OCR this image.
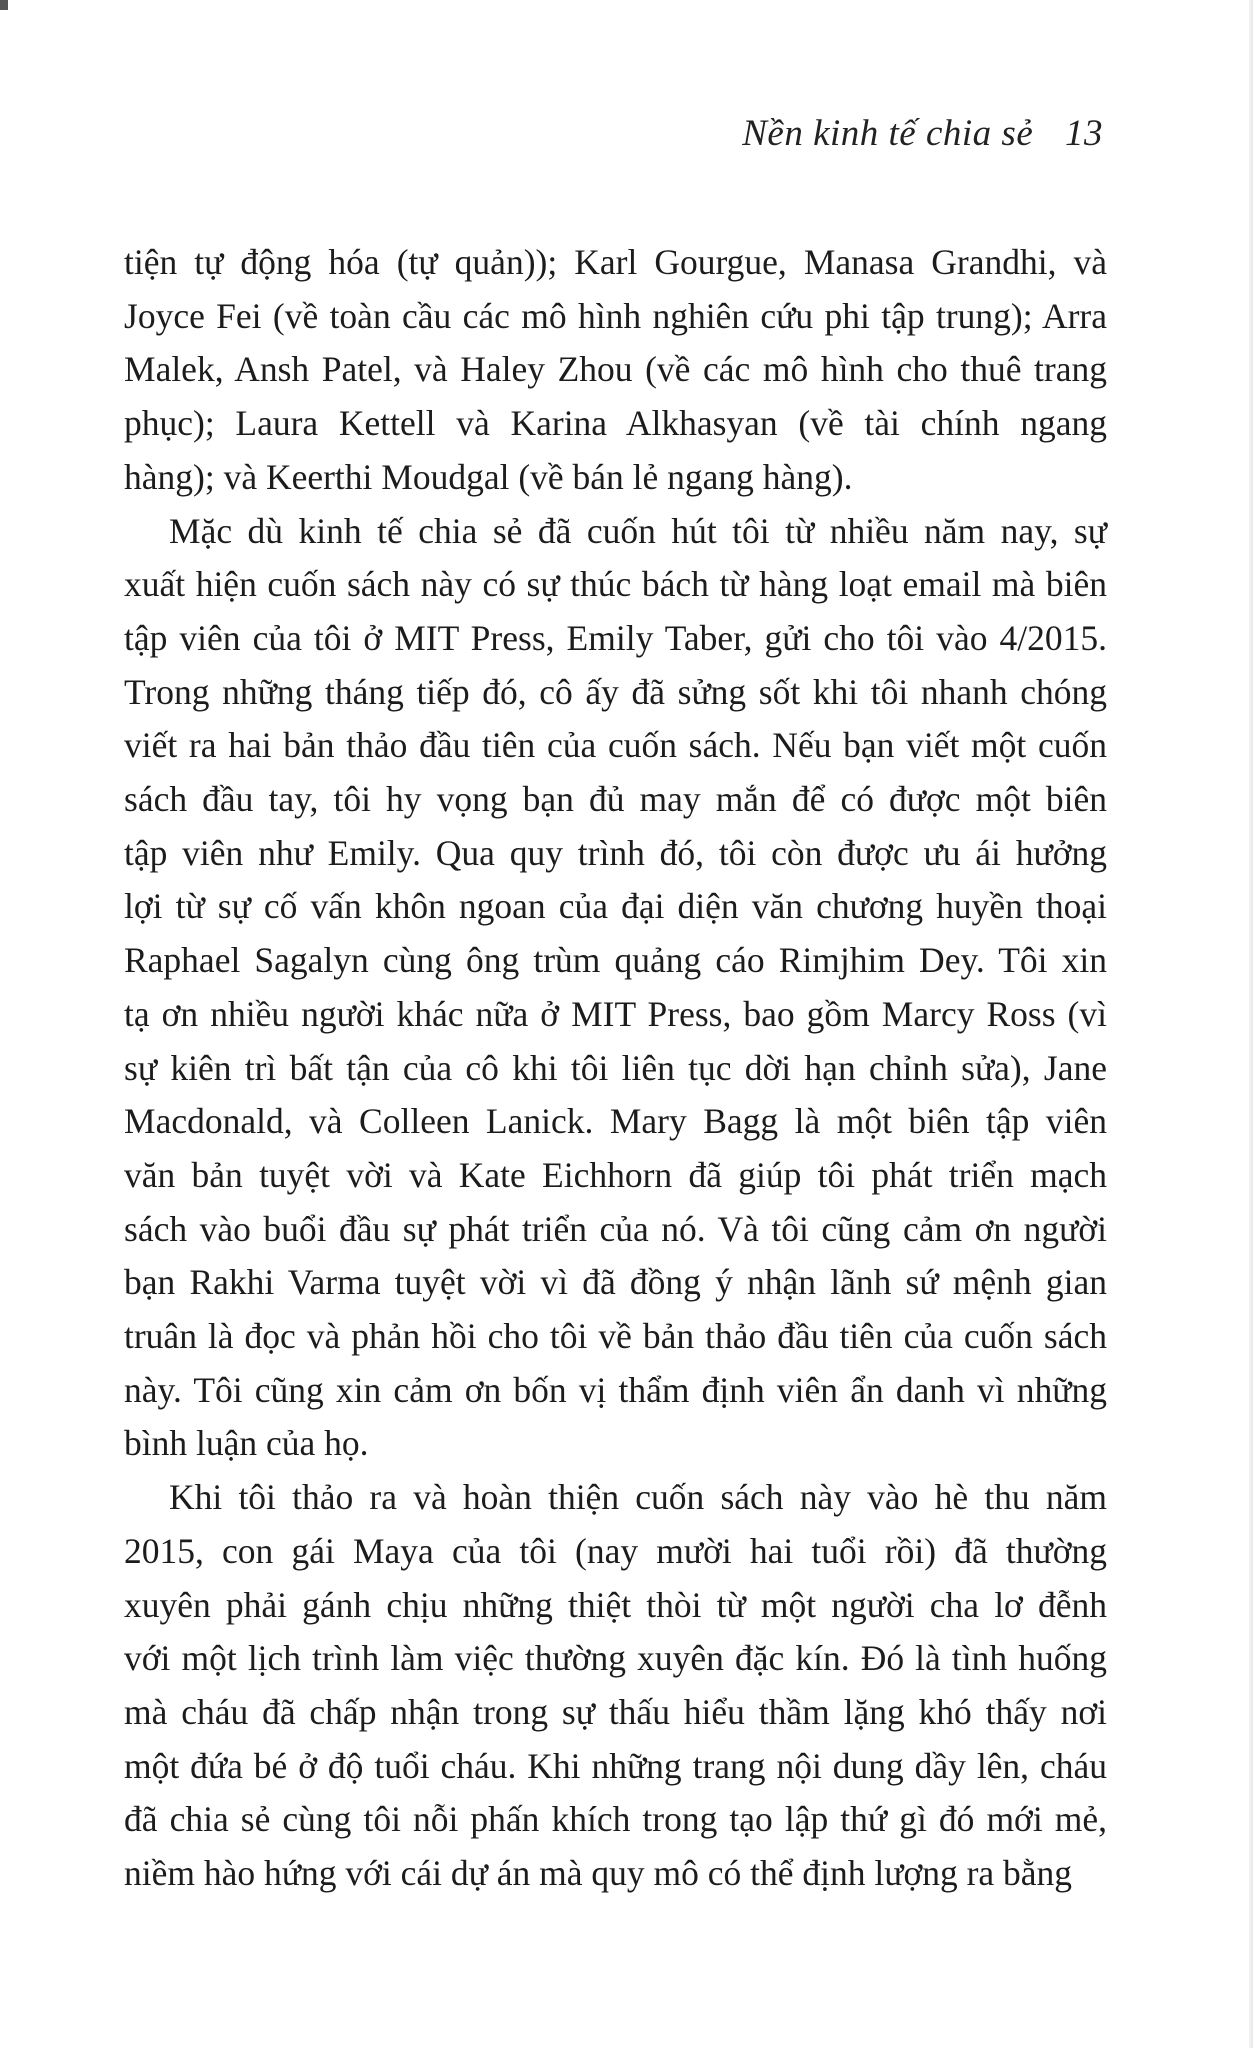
Nền kinh tế chia sẻ 13
tiện tự động hóa (tự quản)); Karl Gourgue, Manasa Grandhi, và
Joyce Fei (về toàn cầu các mô hình nghiên cứu phi tập trung); Arra
Malek, Ansh Patel, và Haley Zhou (về các mô hình cho thuê trang
phục); Laura Kettell và Karina Alkhasyan (về tài chính ngang
hàng); và Keerthi Moudgal (về bán lẻ ngang hàng).
Mặc dù kinh tế chia sẻ đã cuốn hút tôi từ nhiều năm nay, sự
xuất hiện cuốn sách này có sự thúc bách từ hàng loạt email mà biên
tập viên của tôi ở MIT Press, Emily Taber, gửi cho tôi vào 4/2015.
Trong những tháng tiếp đó, cô ấy đã sửng sốt khi tôi nhanh chóng
viết ra hai bản thảo đầu tiên của cuốn sách. Nếu bạn viết một cuốn
sách đầu tay, tôi hy vọng bạn đủ may mắn để có được một biên
tập viên như Emily. Qua quy trình đó, tôi còn được ưu ái hưởng
lợi từ sự cố vấn khôn ngoan của đại diện văn chương huyền thoại
Raphael Sagalyn cùng ông trùm quảng cáo Rimjhim Dey. Tôi xin
tạ ơn nhiều người khác nữa ở MIT Press, bao gồm Marcy Ross (vì
sự kiên trì bất tận của cô khi tôi liên tục dời hạn chỉnh sửa), Jane
Macdonald, và Colleen Lanick. Mary Bagg là một biên tập viên
văn bản tuyệt vời và Kate Eichhorn đã giúp tôi phát triển mạch
sách vào buổi đầu sự phát triển của nó. Và tôi cũng cảm ơn người
bạn Rakhi Varma tuyệt vời vì đã đồng ý nhận lãnh sứ mệnh gian
truân là đọc và phản hồi cho tôi về bản thảo đầu tiên của cuốn sách
này. Tôi cũng xin cảm ơn bốn vị thẩm định viên ẩn danh vì những
bình luận của họ.
Khi tôi thảo ra và hoàn thiện cuốn sách này vào hè thu năm
2015, con gái Maya của tôi (nay mười hai tuổi rồi) đã thường
xuyên phải gánh chịu những thiệt thòi từ một người cha lơ đễnh
với một lịch trình làm việc thường xuyên đặc kín. Đó là tình huống
mà cháu đã chấp nhận trong sự thấu hiểu thầm lặng khó thấy nơi
một đứa bé ở độ tuổi cháu. Khi những trang nội dung dầy lên, cháu
đã chia sẻ cùng tôi nỗi phấn khích trong tạo lập thứ gì đó mới mẻ,
niềm hào hứng với cái dự án mà quy mô có thể định lượng ra bằng
